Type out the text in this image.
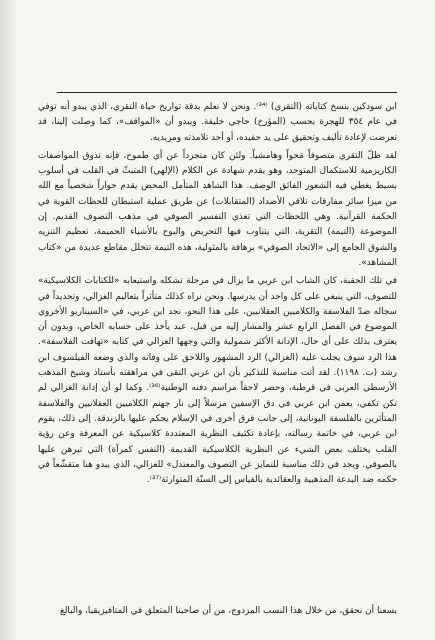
ابن سودكين بنسخ كتاباته (التقري) ⁽³⁴⁾. ونحن لا نعلم بدقة تواريخ حياة التقري، الذي يبدو أنه توفي في عام ٣٥٤ للهجرة بحسب (المؤرخ) حاجي خليفة. ويبدو أن «المواقف»، كما وصلت إلينا، قد تعرضت لإعادة تأليف وتحقيق على يد حفيده، أو أحد تلامذته ومريديه.

لقد ظلّ التقري متصوفاً مَحواً وهامشياً. ولئن كان متجرداً عن أي طموح، فإنه تذوق المواصفات الكاريزمية للاستكمال المتوحد، وهو يقدم شهادة عن الكلام (الإلهي) المتبثّ في القلب في أسلوب بسيط يغطي فيه الشعور الفائق الوصف. هذا الشاهد المتأمل المحض يقدم حواراً شخصياً مع الله من ميزا سائر مفارقات تلاقي الأضداد (المتقابلات) عن طريق عملية استبطان للحظات القوية في الحكمة القرآنية. وهي اللحظات التي تغذي التفسير الصوفي في مذهب التصوف القديم. إن الموضوعة (التيمة) التقرية، التي يتناوب فيها التحريض والبوح بالأشياء الحميمة، تعظيم التنزيه والشوق الجامع إلى «الاتحاد الصوفي» برهافة بالمثولية، هذه التيمة تتخلل مقاطع عديدة من «كتاب المشاهد».

في تلك الحقبة، كان الشاب ابن عربي ما يزال في مرحلة تشكله واستيعابه «للكتابات الكلاسيكية» للتصوف، التي ينبغي على كل واحد أن يدرسها. ونحن نراه كذلك متأثراً بتعاليم الغزالي، وتحديداً في سجاله ضدّ الفلاسفة والكلاميين العقلانيين، على هذا النحو، نجد ابن عربي، في «السيناريو الأخروي الموضوع في الفصل الرابع عشر والمشار إليه من قبل، عبد يأخذ على حسابه الخاص، وبدون أن يعترف بذلك على أي حال، الإدانة الأكثر شمولية والتي وجهها الغزالي في كتابه «تهافت الفلاسفة». هذا الرد سوف يجلب عليه (الغزالي) الرد المشهور واللاحق على وفاته والذي وضعه الفيلسوف ابن رشد (ت. ١١٩٨). لقد أتت مناسبة للتذكير بأن ابن عربي التقى في مراهقته بأستاذ وشيخ المذهب الأرسطي العربي في قرطبة، وحضر لاحقاً مراسم دفنه الوطنية⁽³⁶⁾. وكما لو أن إدانة الغزالي لم تكن تكفي، يعمن ابن عربي في دق الإسفين مرسلاً إلى نار جهنم الكلاميين العقلانيين والفلاسفة المتأثرين بالفلسفة اليونانية، إلى جانب فرق أخرى في الإسلام يحكم عليها بالزندقة. إلى ذلك، يقوم ابن عربي، في خاتمة رسالته، بإعادة تكثيف النظرية المعتددة كلاسيكية عن المعرفة وعن رؤية القلب يختلف بعض الشيء عن النظرية الكلاسيكية القديمة (النفس كمرآة) التي تبرهن عليها بالصوفي. ويجد في ذلك مناسبة للتمايز عن التصوف والمعتدل» للغزالي، الذي يبدو هنا متقشّعاً في حكمه ضد البدعة المذهبية والعقائدية بالقياس إلى السنّة المتوارثة⁽³⁷⁾.

يسعنا أن نحقق، من خلال هذا النسب المزدوج، من أن صاحبنا المتعلق في المتافيزيقيا، والبالغ
